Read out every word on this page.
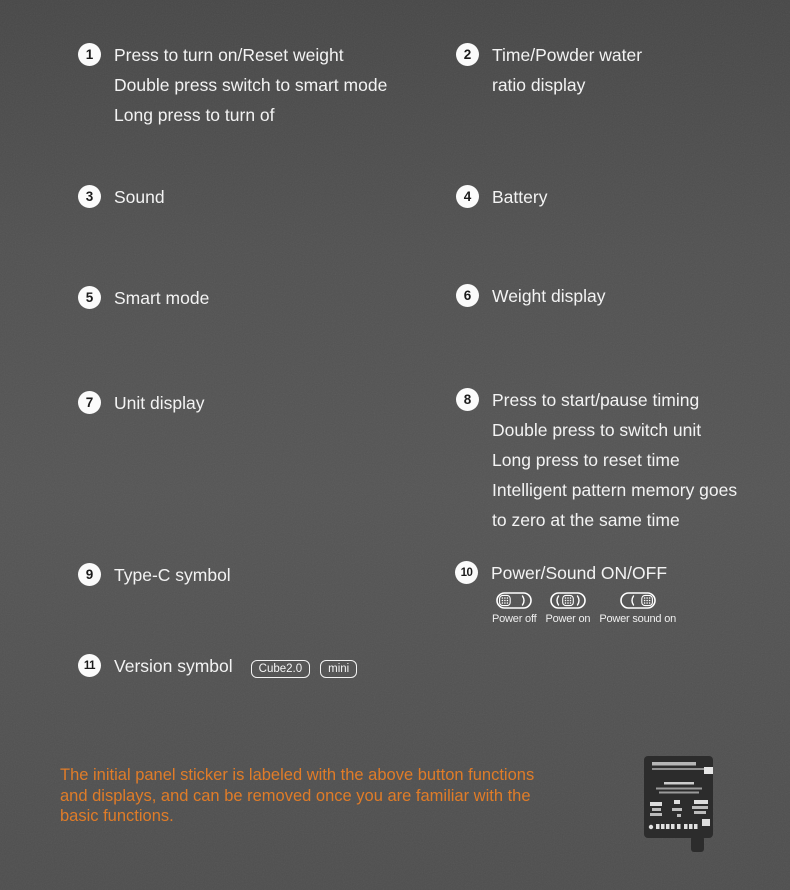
1	Press to turn on/Reset weight
Double press switch to smart mode
Long press to turn of
2	Time/Powder water
ratio display
3	Sound	4	Battery
5	Smart mode	6	Weight display
7	Unit display	8	Press to start/pause timing
Double press to switch unit
Long press to reset time
Intelligent pattern memory goes
to zero at the same time
9	Type-C symbol	10	Power/Sound ON/OFF
Power off Power on Power sound on
11	Version symbol	Cube2.0	mini
The initial panel sticker is labeled with the above button functions
and displays, and can be removed once you are familiar with the
basic functions.
